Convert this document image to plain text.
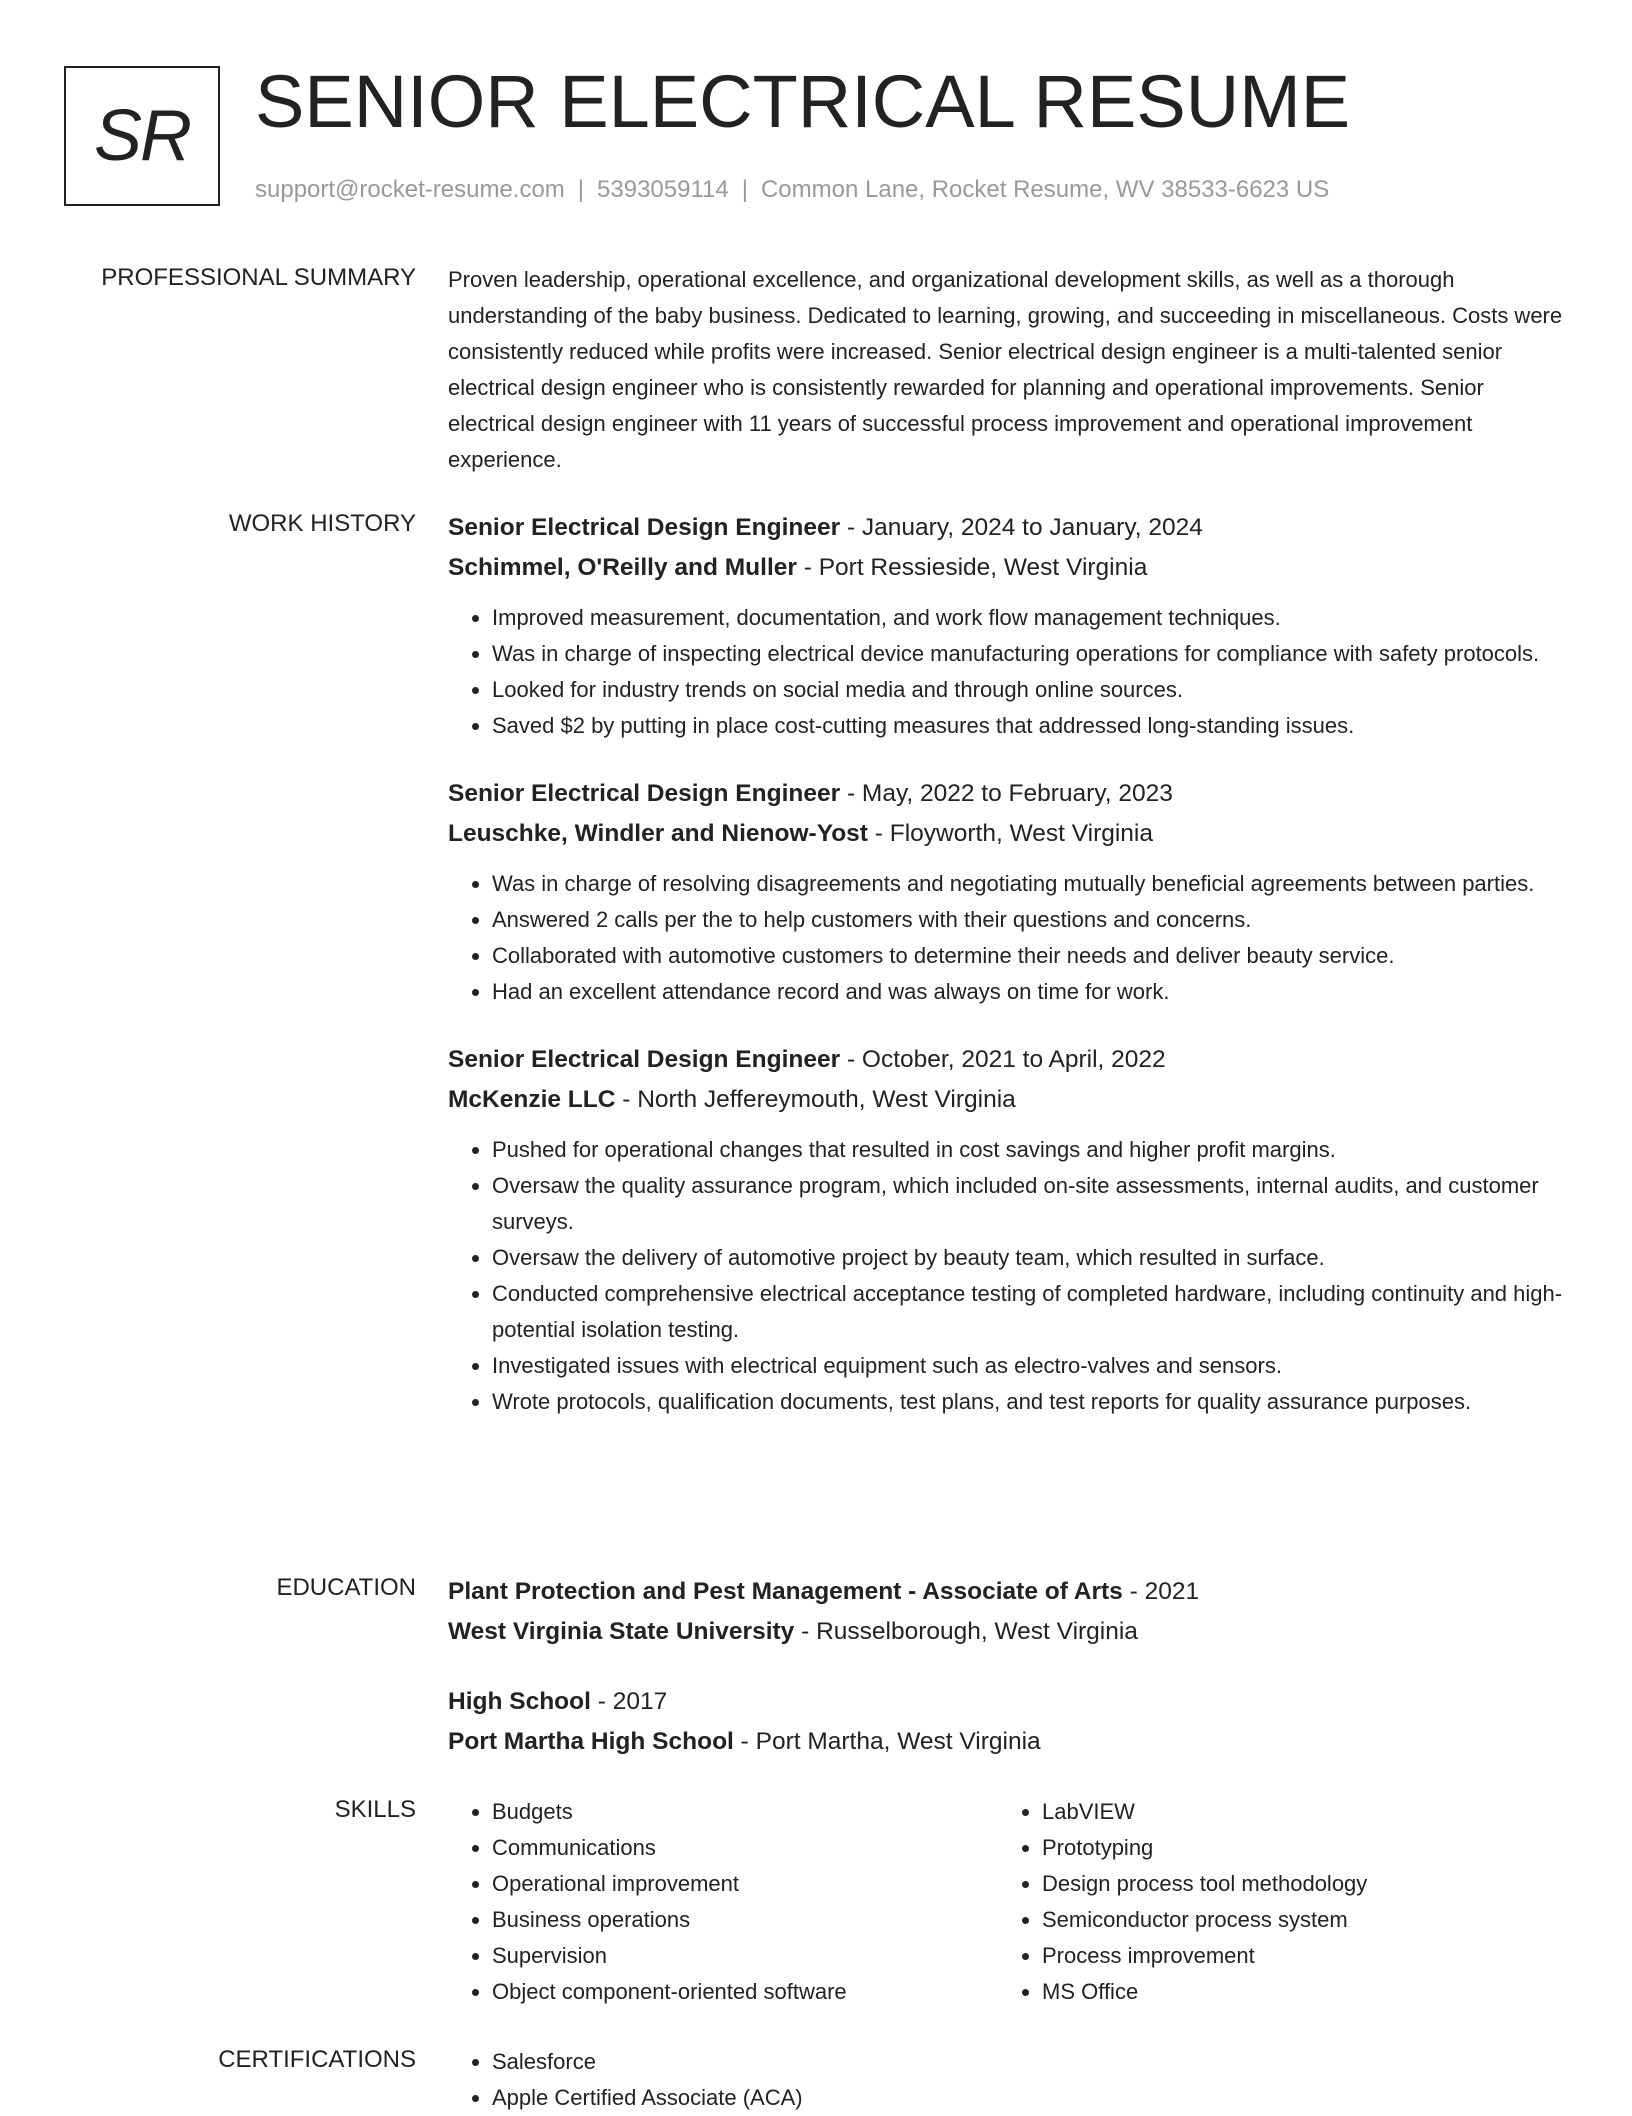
SR SENIOR ELECTRICAL RESUME
support@rocket-resume.com | 5393059114 | Common Lane, Rocket Resume, WV 38533-6623 US
PROFESSIONAL SUMMARY Proven leadership, operational excellence, and organizational development skills, as well as a thorough understanding of the baby business. Dedicated to learning, growing, and succeeding in miscellaneous. Costs were consistently reduced while profits were increased. Senior electrical design engineer is a multi-talented senior electrical design engineer who is consistently rewarded for planning and operational improvements. Senior electrical design engineer with 11 years of successful process improvement and operational improvement experience.

WORK HISTORY Senior Electrical Design Engineer - January, 2024 to January, 2024
Schimmel, O'Reilly and Muller - Port Ressieside, West Virginia
• Improved measurement, documentation, and work flow management techniques.
• Was in charge of inspecting electrical device manufacturing operations for compliance with safety protocols.
• Looked for industry trends on social media and through online sources.
• Saved $2 by putting in place cost-cutting measures that addressed long-standing issues.
Senior Electrical Design Engineer - May, 2022 to February, 2023
Leuschke, Windler and Nienow-Yost - Floyworth, West Virginia
• Was in charge of resolving disagreements and negotiating mutually beneficial agreements between parties.
• Answered 2 calls per the to help customers with their questions and concerns.
• Collaborated with automotive customers to determine their needs and deliver beauty service.
• Had an excellent attendance record and was always on time for work.
Senior Electrical Design Engineer - October, 2021 to April, 2022
McKenzie LLC - North Jeffereymouth, West Virginia
• Pushed for operational changes that resulted in cost savings and higher profit margins.
• Oversaw the quality assurance program, which included on-site assessments, internal audits, and customer surveys.
• Oversaw the delivery of automotive project by beauty team, which resulted in surface.
• Conducted comprehensive electrical acceptance testing of completed hardware, including continuity and high-potential isolation testing.
• Investigated issues with electrical equipment such as electro-valves and sensors.
• Wrote protocols, qualification documents, test plans, and test reports for quality assurance purposes.
EDUCATION Plant Protection and Pest Management - Associate of Arts - 2021
West Virginia State University - Russelborough, West Virginia
High School - 2017
Port Martha High School - Port Martha, West Virginia
SKILLS	• Budgets
• Communications
• Operational improvement
• Business operations
• Supervision
• Object component-oriented software
• LabVIEW
• Prototyping
• Design process tool methodology
• Semiconductor process system
• Process improvement
• MS Office
CERTIFICATIONS	• Salesforce
• Apple Certified Associate (ACA)
